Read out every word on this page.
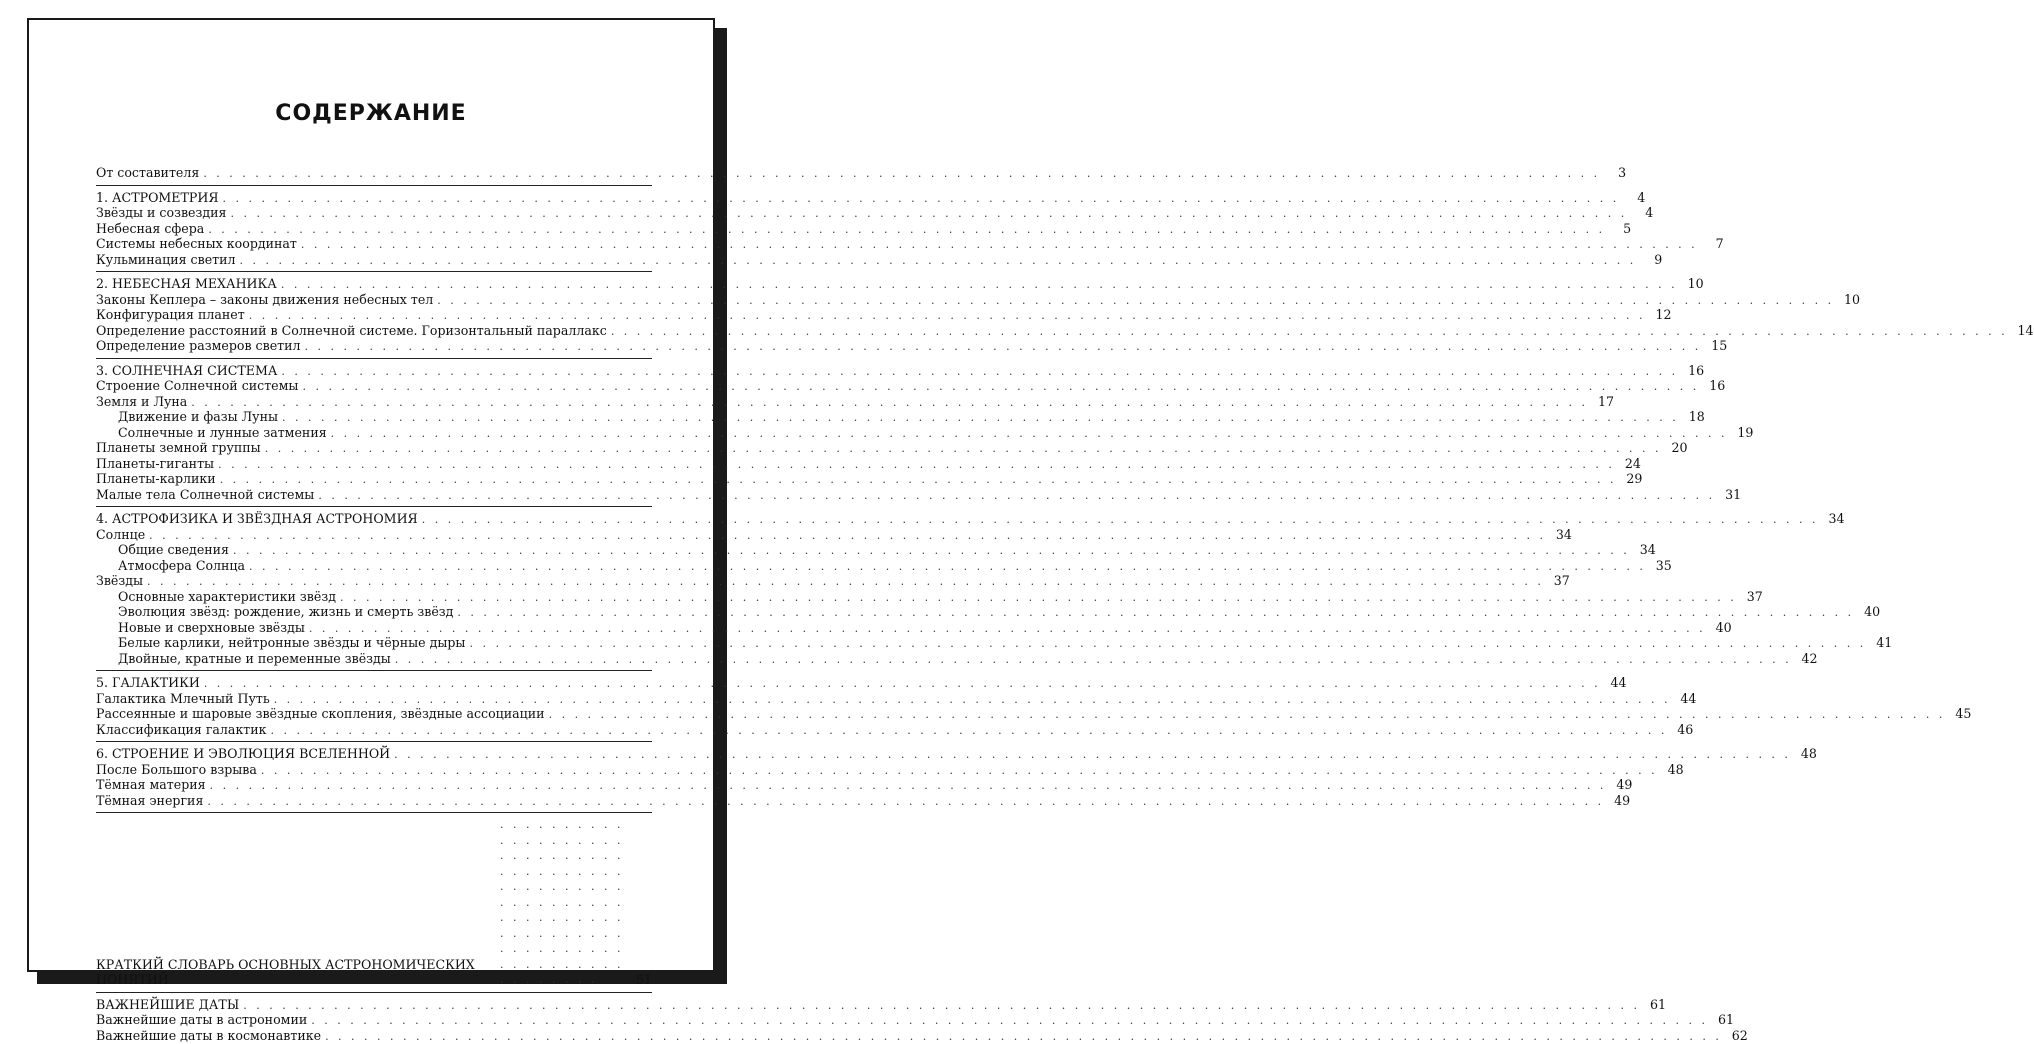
СОДЕРЖАНИЕ
От составителя . . .	3
1. АСТРОМЕТРИЯ . . .	4
Звёзды и созвездия . . .	4
Небесная сфера . . .	5
Системы небесных координат . . .	7
Кульминация светил . . .	9
2. НЕБЕСНАЯ МЕХАНИКА . . .	10
Законы Кеплера – законы движения небесных тел . . .	10
Конфигурация планет . . .	12
Определение расстояний в Солнечной системе. Горизонтальный параллакс . . .	14
Определение размеров светил . . .	15
3. СОЛНЕЧНАЯ СИСТЕМА . . .	16
Строение Солнечной системы . . .	16
Земля и Луна . . .	17
Движение и фазы Луны . . .	18
Солнечные и лунные затмения . . .	19
Планеты земной группы . . .	20
Планеты-гиганты . . .	24
Планеты-карлики . . .	29
Малые тела Солнечной системы . . .	31
4. АСТРОФИЗИКА И ЗВЁЗДНАЯ АСТРОНОМИЯ . . .	34
Солнце . . .	34
Общие сведения . . .	34
Атмосфера Солнца . . .	35
Звёзды . . .	37
Основные характеристики звёзд . . .	37
Эволюция звёзд: рождение, жизнь и смерть звёзд . . .	40
Новые и сверхновые звёзды . . .	40
Белые карлики, нейтронные звёзды и чёрные дыры . . .	41
Двойные, кратные и переменные звёзды . . .	42
5. ГАЛАКТИКИ . . .	44
Галактика Млечный Путь . . .	44
Рассеянные и шаровые звёздные скопления, звёздные ассоциации . . .	45
Классификация галактик . . .	46
6. СТРОЕНИЕ И ЭВОЛЮЦИЯ ВСЕЛЕННОЙ . . .	48
После Большого взрыва . . .	48
Тёмная материя . . .	49
Тёмная энергия . . .	49
КРАТКИЙ СЛОВАРЬ ОСНОВНЫХ АСТРОНОМИЧЕСКИХ
ПОНЯТИЙ . . .	51
ВАЖНЕЙШИЕ ДАТЫ . . .	61
Важнейшие даты в астрономии . . .	61
Важнейшие даты в космонавтике . . .	62
